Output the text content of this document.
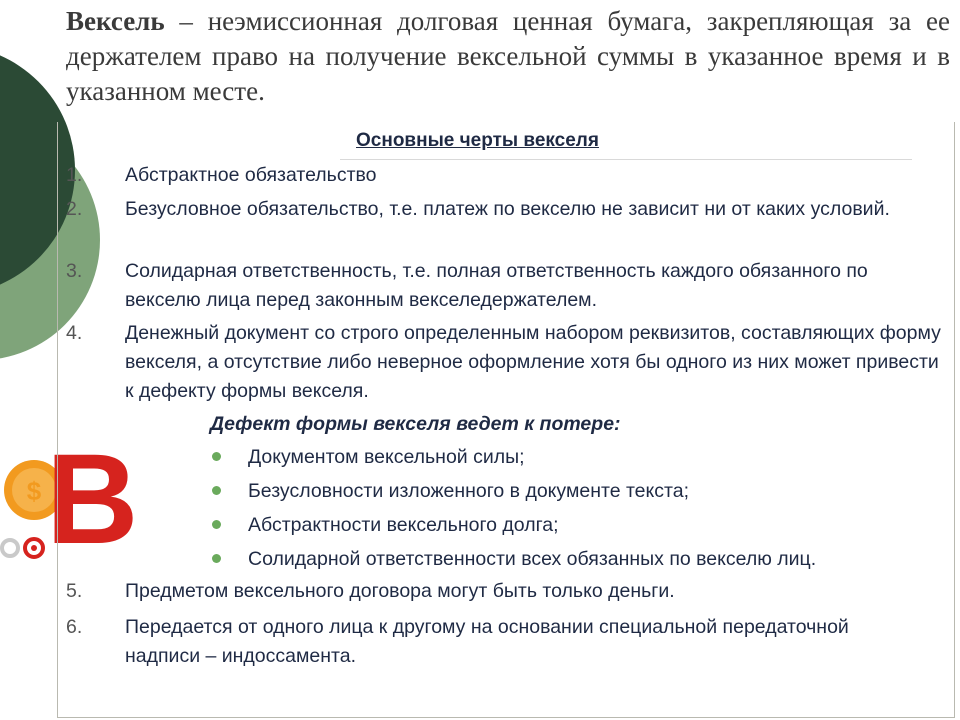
$ В
Вексель – неэмиссионная долговая ценная бумага, закрепляющая за ее держателем право на получение вексельной суммы в указанное время и в указанном месте.
Основные черты векселя
1.	Абстрактное обязательство
2.	Безусловное обязательство, т.е. платеж по векселю не зависит ни от каких условий.
3.	Солидарная ответственность, т.е. полная ответственность каждого обязанного по векселю лица перед законным векселедержателем.
4.	Денежный документ со строго определенным набором реквизитов, составляющих форму векселя, а отсутствие либо неверное оформление хотя бы одного из них может привести к дефекту формы векселя.
Дефект формы векселя ведет к потере:
Документом вексельной силы;
Безусловности изложенного в документе текста;
Абстрактности вексельного долга;
Солидарной ответственности всех обязанных по векселю лиц.
5.	Предметом вексельного договора могут быть только деньги.
6.	Передается от одного лица к другому на основании специальной передаточной надписи – индоссамента.
